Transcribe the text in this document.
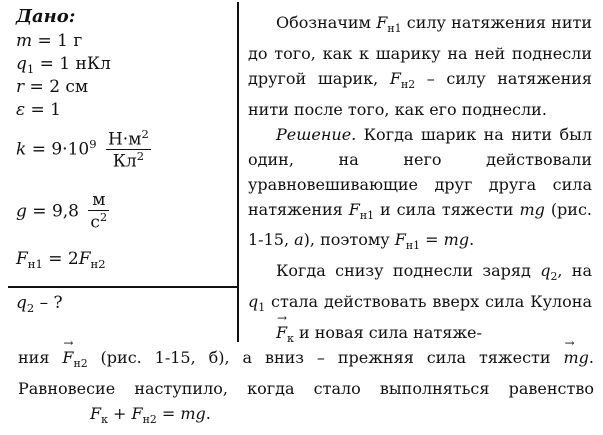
Дано:
m = 1 г
$q_1 = 1$ нКл
r = 2 см
ε = 1
$k = 9\cdot 10^9 \frac{Н\cdot м^2}{Кл^2}$
$g = 9,8 \frac{м}{с^2}$
$F_{н1} = 2F_{н2}$
$q_2$ – ?

Обозначим $F_{н1}$ силу натяжения нити до того, как к шарику на ней поднесли другой шарик, $F_{н2}$ – силу натяжения нити после того, как его поднесли.

Решение. Когда шарик на нити был один, на него действовали уравновешивающие друг друга сила натяжения $F_{н1}$ и сила тяжести mg (рис. 1-15, а), поэтому $F_{н1}$ = mg.

Когда снизу поднесли заряд $q_2$, на $q_1$ стала действовать вверх сила Кулона → $F_к$ и новая сила натяже-

ния → $F_{н2}$ (рис. 1-15, б), а вниз – прежняя сила тяжести → mg. Равновесие наступило, когда стало выполняться равенствоF$_к$ + $F_{н2}$ = mg.
